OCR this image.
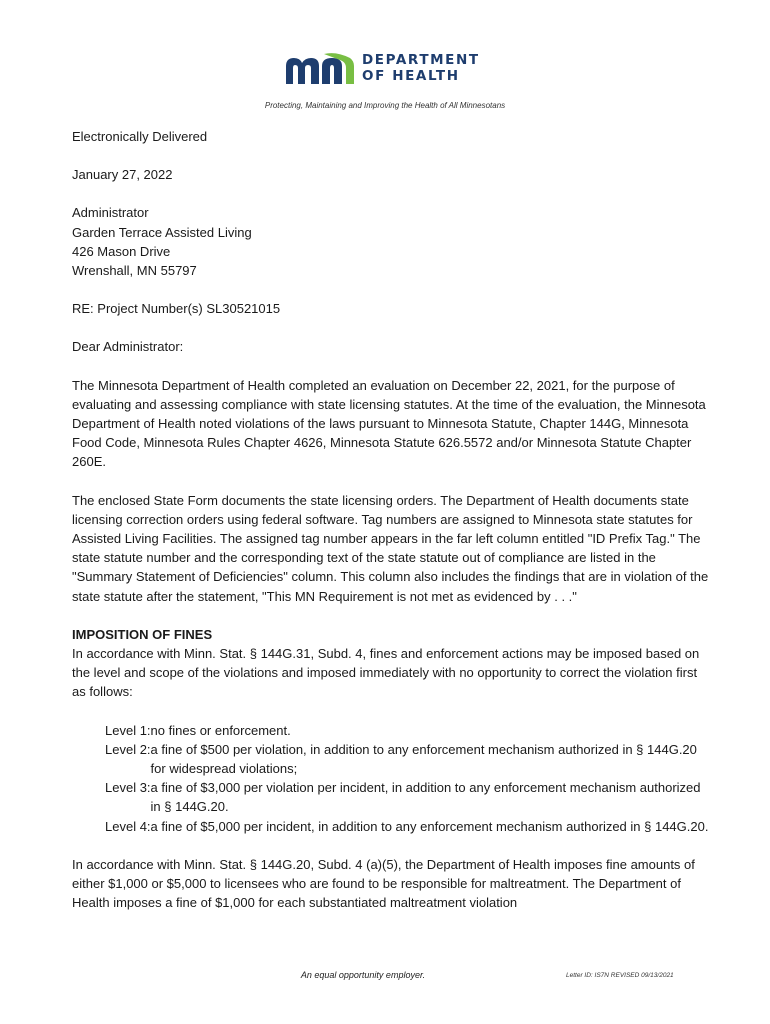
DEPARTMENT
OF HEALTH
Protecting, Maintaining and Improving the Health of All Minnesotans

Electronically Delivered

January 27, 2022

Administrator
Garden Terrace Assisted Living
426 Mason Drive
Wrenshall, MN 55797

RE: Project Number(s) SL30521015

Dear Administrator:

The Minnesota Department of Health completed an evaluation on December 22, 2021, for the purpose of evaluating and assessing compliance with state licensing statutes. At the time of the evaluation, the Minnesota Department of Health noted violations of the laws pursuant to Minnesota Statute, Chapter 144G, Minnesota Food Code, Minnesota Rules Chapter 4626, Minnesota Statute 626.5572 and/or Minnesota Statute Chapter 260E.

The enclosed State Form documents the state licensing orders. The Department of Health documents state licensing correction orders using federal software. Tag numbers are assigned to Minnesota state statutes for Assisted Living Facilities. The assigned tag number appears in the far left column entitled "ID Prefix Tag." The state statute number and the corresponding text of the state statute out of compliance are listed in the "Summary Statement of Deficiencies" column. This column also includes the findings that are in violation of the state statute after the statement, "This MN Requirement is not met as evidenced by . . ."

IMPOSITION OF FINES

In accordance with Minn. Stat. § 144G.31, Subd. 4, fines and enforcement actions may be imposed based on the level and scope of the violations and imposed immediately with no opportunity to correct the violation first as follows:

Level 1: no fines or enforcement.
Level 2: a fine of $500 per violation, in addition to any enforcement mechanism authorized in § 144G.20 for widespread violations;
Level 3: a fine of $3,000 per violation per incident, in addition to any enforcement mechanism authorized in § 144G.20.
Level 4: a fine of $5,000 per incident, in addition to any enforcement mechanism authorized in § 144G.20.

In accordance with Minn. Stat. § 144G.20, Subd. 4 (a)(5), the Department of Health imposes fine amounts of either $1,000 or $5,000 to licensees who are found to be responsible for maltreatment. The Department of Health imposes a fine of $1,000 for each substantiated maltreatment violation

An equal opportunity employer.	Letter ID: IS7N REVISED 09/13/2021
